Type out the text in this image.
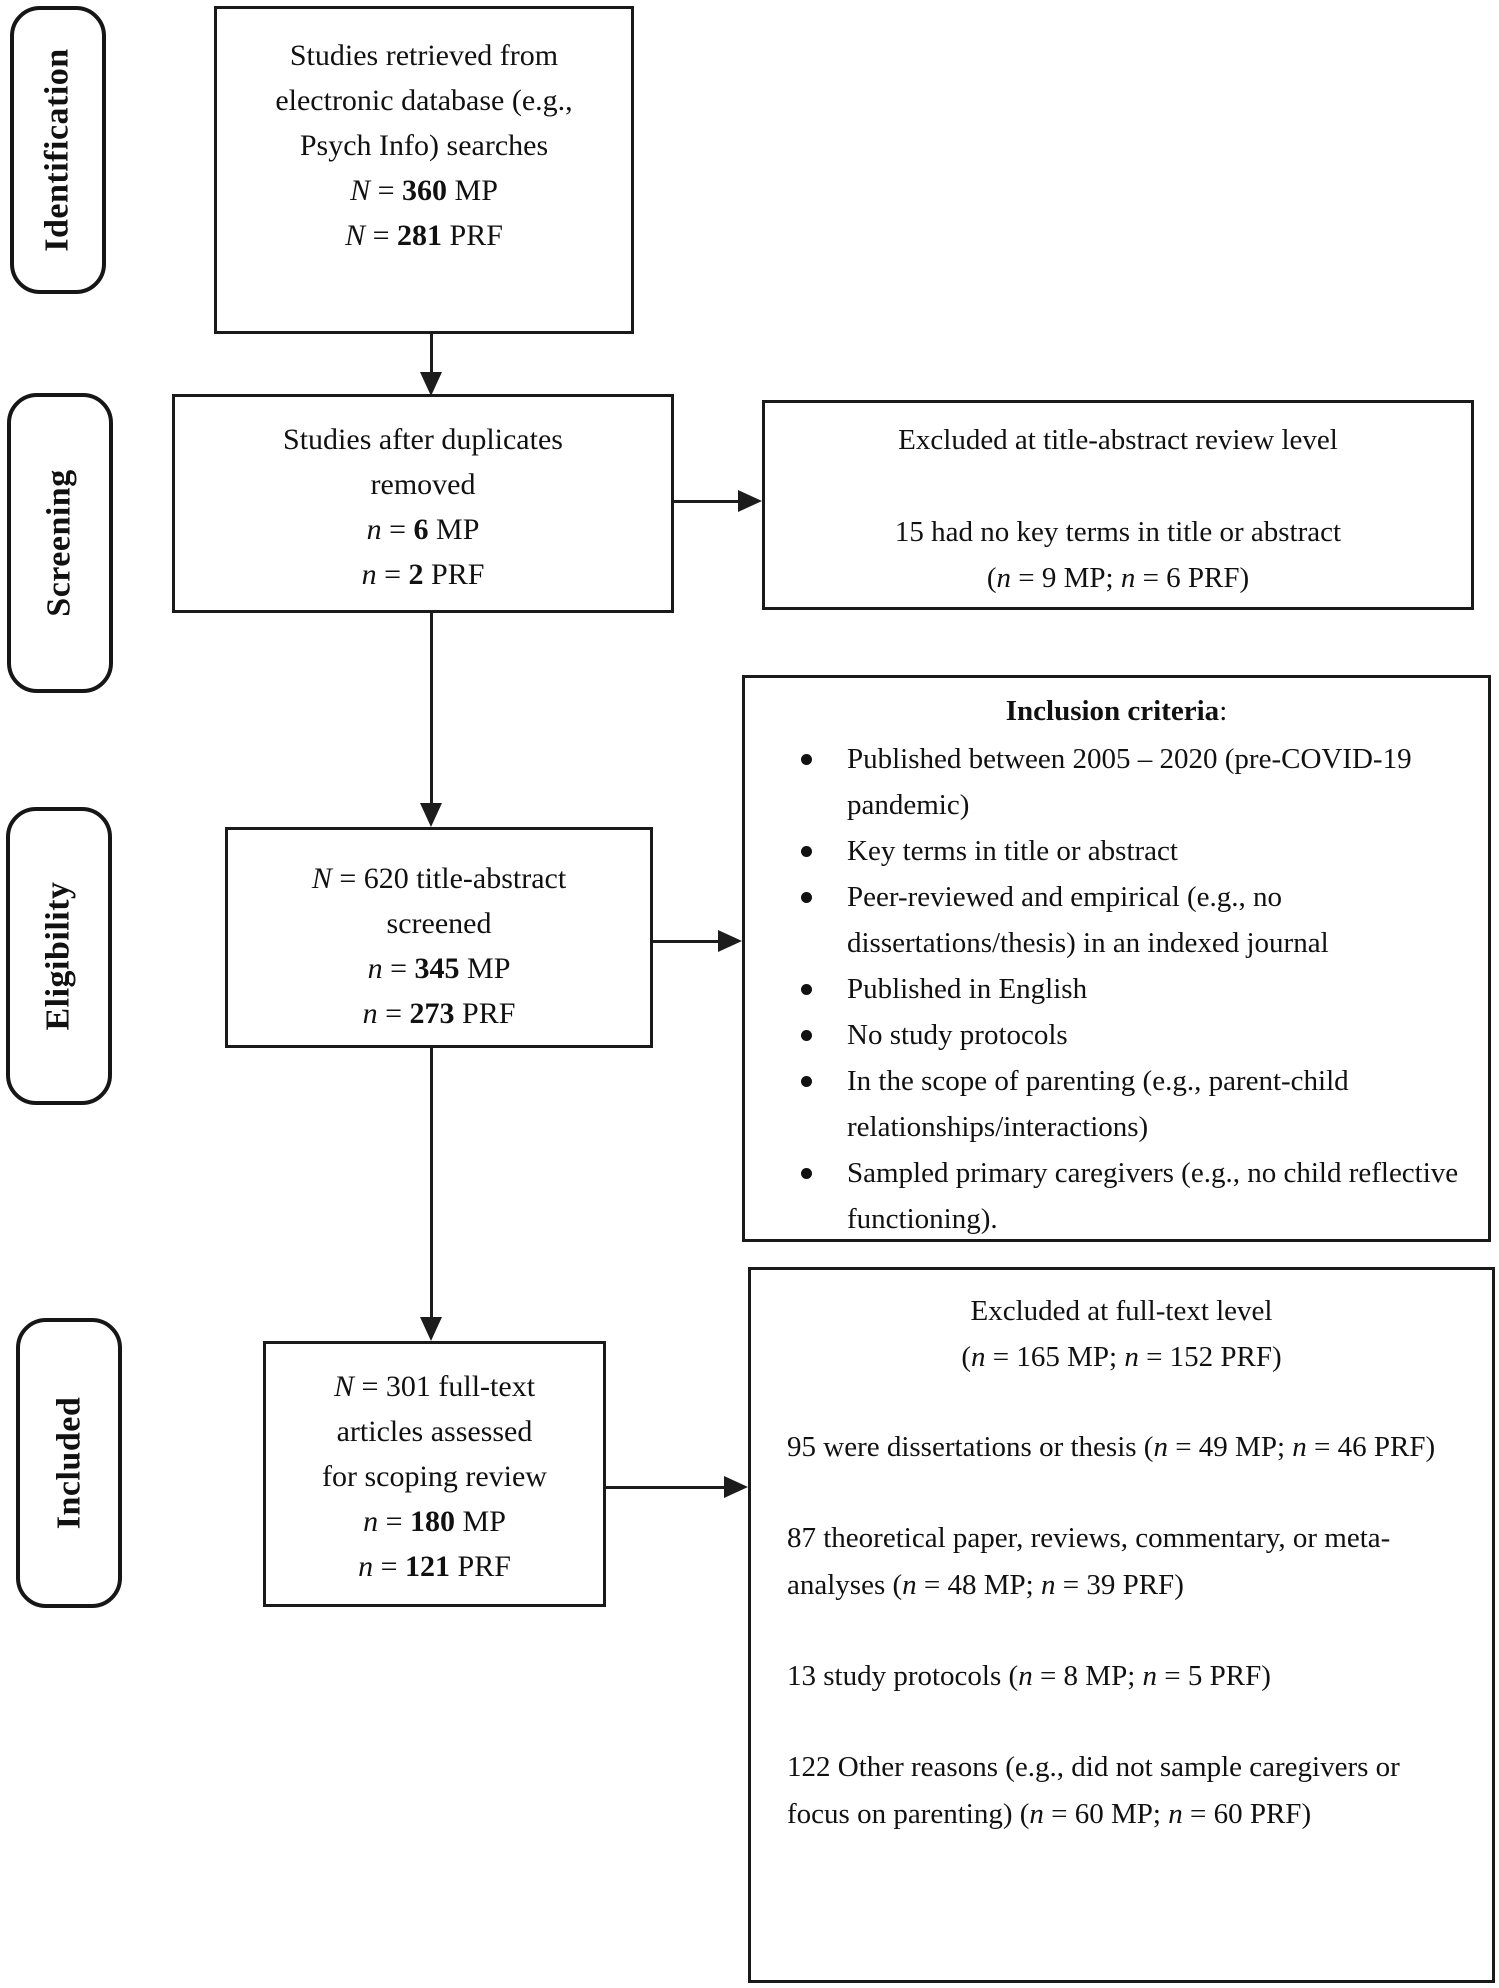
Identification
Screening
Eligibility
Included
Studies retrieved from
electronic database (e.g.,
Psych Info) searches
N = 360 MP
N = 281 PRF
Studies after duplicates
removed
n = 6 MP
n = 2 PRF
Excluded at title-abstract review level
15 had no key terms in title or abstract
(n = 9 MP; n = 6 PRF)
N = 620 title-abstract
screened
n = 345 MP
n = 273 PRF
Inclusion criteria:
Published between 2005 – 2020 (pre-COVID-19 pandemic)
Key terms in title or abstract
Peer-reviewed and empirical (e.g., no dissertations/thesis) in an indexed journal
Published in English
No study protocols
In the scope of parenting (e.g., parent-child relationships/interactions)
Sampled primary caregivers (e.g., no child reflective functioning).
N = 301 full-text
articles assessed
for scoping review
n = 180 MP
n = 121 PRF
Excluded at full-text level
(n = 165 MP; n = 152 PRF)
95 were dissertations or thesis (n = 49 MP; n = 46 PRF)
87 theoretical paper, reviews, commentary, or meta-analyses (n = 48 MP; n = 39 PRF)
13 study protocols (n = 8 MP; n = 5 PRF)
122 Other reasons (e.g., did not sample caregivers or focus on parenting) (n = 60 MP; n = 60 PRF)
